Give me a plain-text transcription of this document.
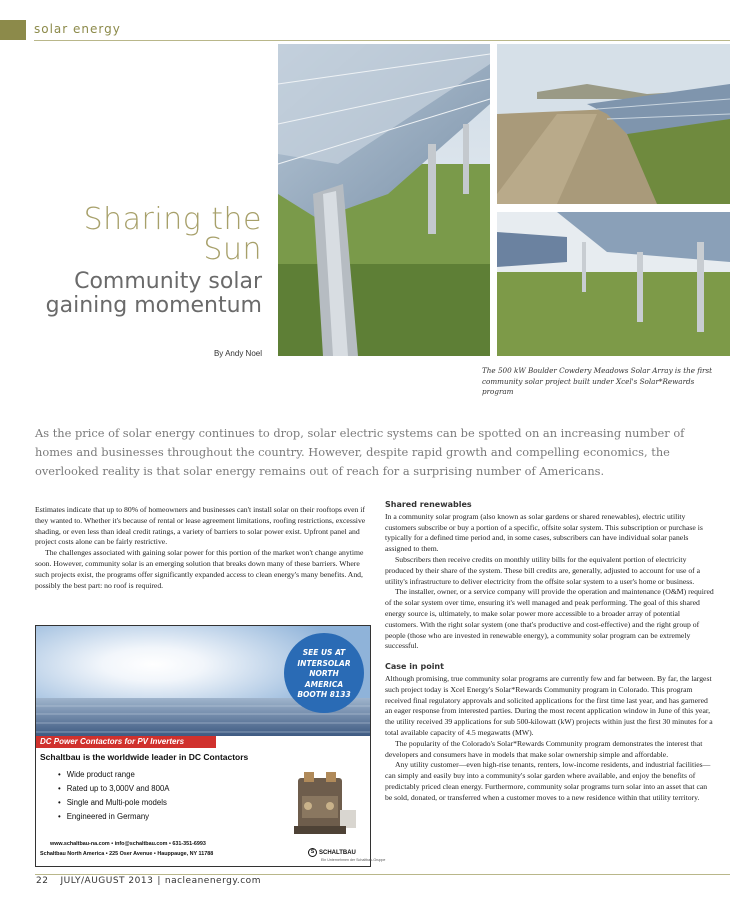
solar energy
Sharing the Sun
Community solar gaining momentum
By Andy Noel
The 500 kW Boulder Cowdery Meadows Solar Array is the first community solar project built under Xcel's Solar*Rewards program
As the price of solar energy continues to drop, solar electric systems can be spotted on an increasing number of homes and businesses throughout the country. However, despite rapid growth and compelling economics, the overlooked reality is that solar energy remains out of reach for a surprising number of Americans.

Estimates indicate that up to 80% of homeowners and businesses can't install solar on their rooftops even if they wanted to. Whether it's because of rental or lease agreement limitations, roofing restrictions, excessive shading, or even less than ideal credit ratings, a variety of barriers to solar power exist. Upfront panel and project costs alone can be fairly restrictive.

The challenges associated with gaining solar power for this portion of the market won't change anytime soon. However, community solar is an emerging solution that breaks down many of these barriers. Where such projects exist, the programs offer significantly expanded access to clean energy's many benefits. And, possibly the best part: no roof is required.

Shared renewables

In a community solar program (also known as solar gardens or shared renewables), electric utility customers subscribe or buy a portion of a specific, offsite solar system. This subscription or purchase is typically for a defined time period and, in some cases, subscribers can have individual solar panels assigned to them.

Subscribers then receive credits on monthly utility bills for the equivalent portion of electricity produced by their share of the system. These bill credits are, generally, adjusted to account for use of a utility's infrastructure to deliver electricity from the offsite solar system to a user's home or business.

The installer, owner, or a service company will provide the operation and maintenance (O&M) required of the solar system over time, ensuring it's well managed and peak performing. The goal of this shared energy source is, ultimately, to make solar power more accessible to a broader array of potential customers. With the right solar system (one that's productive and cost-effective) and the right group of people (those who are invested in renewable energy), a community solar program can be extremely successful.

Case in point

Although promising, true community solar programs are currently few and far between. By far, the largest such project today is Xcel Energy's Solar*Rewards Community program in Colorado. This program received final regulatory approvals and solicited applications for the first time last year, and has garnered an eager response from interested parties. During the most recent application window in June of this year, the utility received 39 applications for sub 500-kilowatt (kW) projects within just the first 30 minutes for a total available capacity of 4.5 megawatts (MW).

The popularity of the Colorado's Solar*Rewards Community program demonstrates the interest that developers and consumers have in models that make solar ownership simple and affordable.

Any utility customer—even high-rise tenants, renters, low-income residents, and industrial facilities—can simply and easily buy into a community's solar garden where available, and enjoy the benefits of predictably priced clean energy. Furthermore, community solar programs turn solar into an asset that can be sold, donated, or transferred when a customer moves to a new residence within that utility territory.

SEE US AT
INTERSOLAR
NORTH AMERICA
BOOTH 8133
DC Power Contactors for PV Inverters
Schaltbau is the worldwide leader in DC Contactors
• Wide product range
• Rated up to 3,000V and 800A
• Single and Multi-pole models
• Engineered in Germany
www.schaltbau-na.com • info@schaltbau.com • 631-351-6993
Schaltbau North America • 225 Oser Avenue • Hauppauge, NY 11788	S SCHALTBAU
Ein Unternehmen der Schaltbau-Gruppe
22 JULY/AUGUST 2013 | nacleanenergy.com
